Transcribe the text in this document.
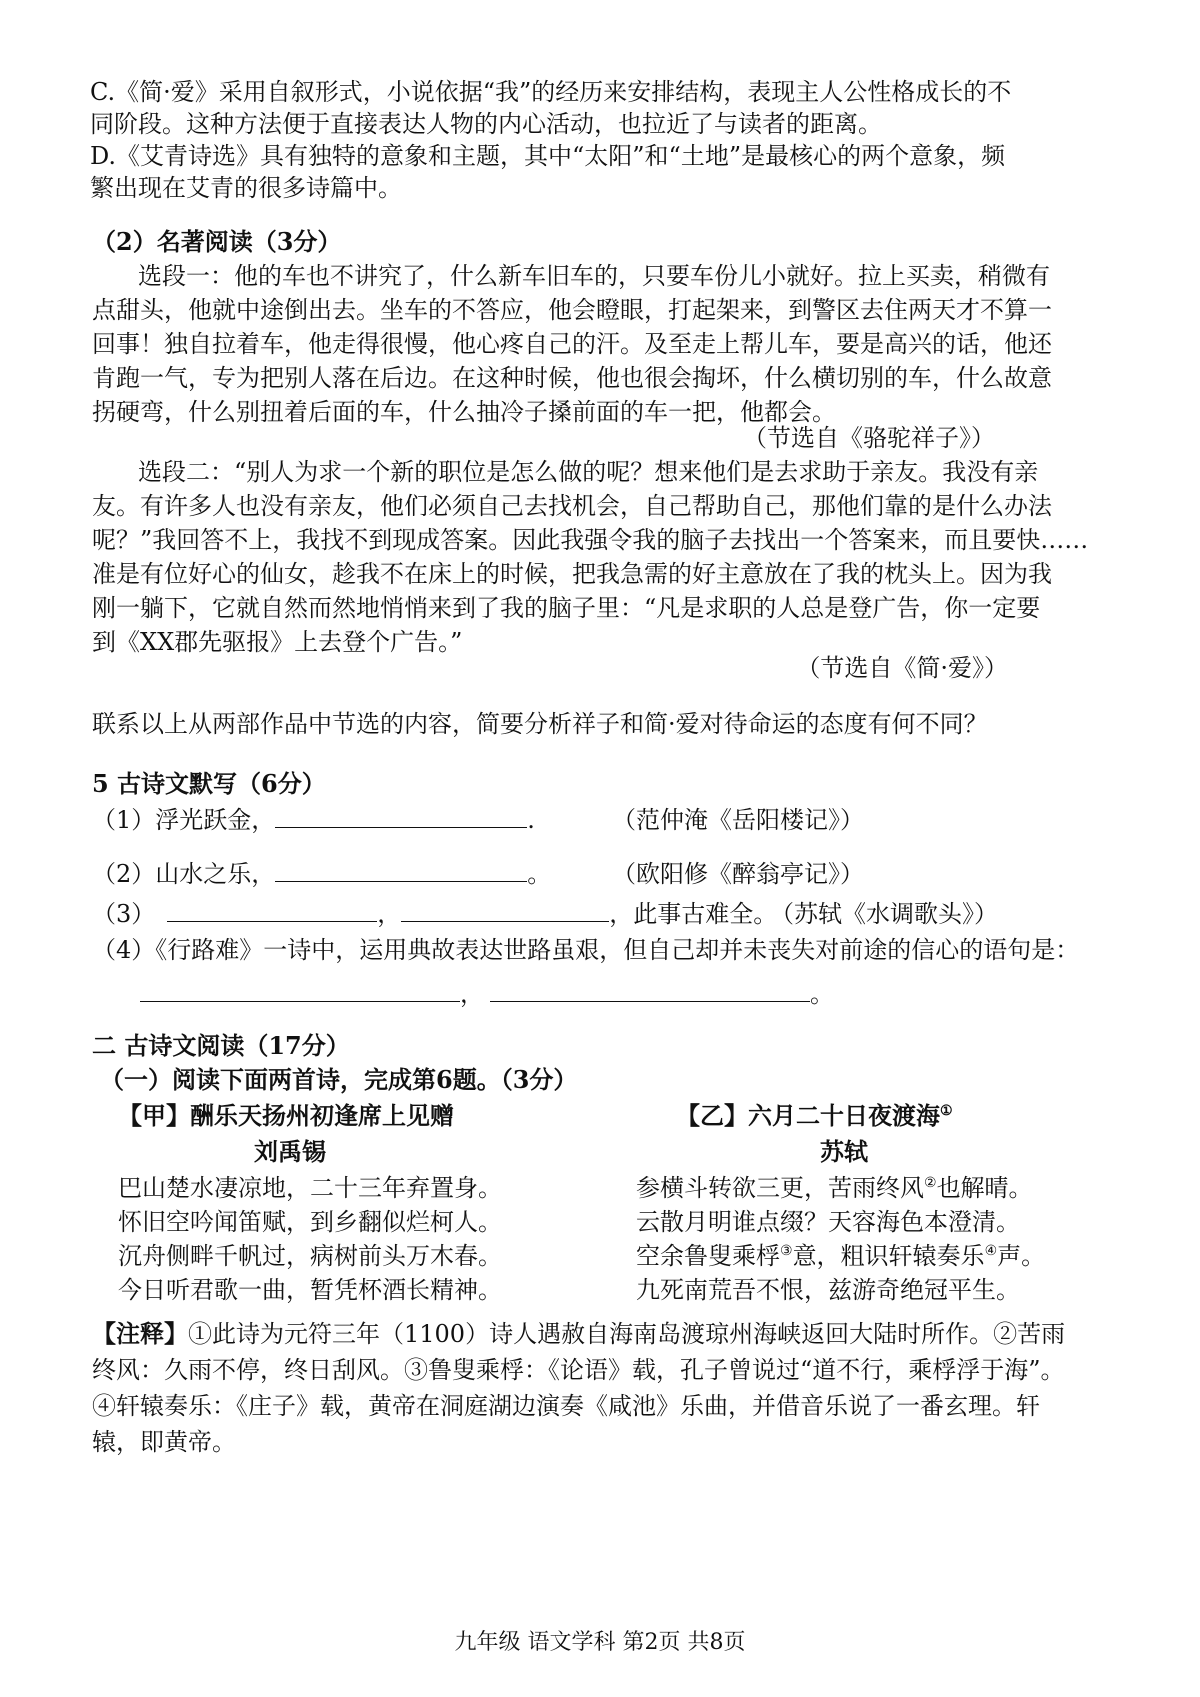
C.《简·爱》采用自叙形式，小说依据“我”的经历来安排结构，表现主人公性格成长的不
同阶段。这种方法便于直接表达人物的内心活动，也拉近了与读者的距离。
D.《艾青诗选》具有独特的意象和主题，其中“太阳”和“土地”是最核心的两个意象，频
繁出现在艾青的很多诗篇中。
（2）名著阅读（3分）
选段一：他的车也不讲究了，什么新车旧车的，只要车份儿小就好。拉上买卖，稍微有
点甜头，他就中途倒出去。坐车的不答应，他会瞪眼，打起架来，到警区去住两天才不算一
回事！独自拉着车，他走得很慢，他心疼自己的汗。及至走上帮儿车，要是高兴的话，他还
肯跑一气，专为把别人落在后边。在这种时候，他也很会掏坏，什么横切别的车，什么故意
拐硬弯，什么别扭着后面的车，什么抽冷子搡前面的车一把，他都会。
（节选自《骆驼祥子》）
选段二：“别人为求一个新的职位是怎么做的呢？想来他们是去求助于亲友。我没有亲
友。有许多人也没有亲友，他们必须自己去找机会，自己帮助自己，那他们靠的是什么办法
呢？”我回答不上，我找不到现成答案。因此我强令我的脑子去找出一个答案来，而且要快……
准是有位好心的仙女，趁我不在床上的时候，把我急需的好主意放在了我的枕头上。因为我
刚一躺下，它就自然而然地悄悄来到了我的脑子里：“凡是求职的人总是登广告，你一定要
到《XX郡先驱报》上去登个广告。”
（节选自《简·爱》）
联系以上从两部作品中节选的内容，简要分析祥子和简·爱对待命运的态度有何不同？
5 古诗文默写（6分）
（1）浮光跃金，	.	（范仲淹《岳阳楼记》）
（2）山水之乐，	。	（欧阳修《醉翁亭记》）
（3）	，	，此事古难全。
（苏轼《水调歌头》）
（4）《行路难》一诗中，运用典故表达世路虽艰，但自己却并未丧失对前途的信心的语句是：
，	。
二 古诗文阅读（17分）
（一）阅读下面两首诗，完成第6题。（3分）
【甲】酬乐天扬州初逢席上见赠
刘禹锡
巴山楚水凄凉地，二十三年弃置身。
怀旧空吟闻笛赋，到乡翻似烂柯人。
沉舟侧畔千帆过，病树前头万木春。
今日听君歌一曲，暂凭杯酒长精神。
【乙】六月二十日夜渡海①
苏轼
参横斗转欲三更，苦雨终风②也解晴。
云散月明谁点缀？天容海色本澄清。
空余鲁叟乘桴③意，粗识轩辕奏乐④声。
九死南荒吾不恨，兹游奇绝冠平生。
【注释】①此诗为元符三年（1100）诗人遇赦自海南岛渡琼州海峡返回大陆时所作。②苦雨
终风：久雨不停，终日刮风。③鲁叟乘桴：《论语》载，孔子曾说过“道不行，乘桴浮于海”。
④轩辕奏乐：《庄子》载，黄帝在洞庭湖边演奏《咸池》乐曲，并借音乐说了一番玄理。轩
辕，即黄帝。
九年级 语文学科 第2页 共8页
